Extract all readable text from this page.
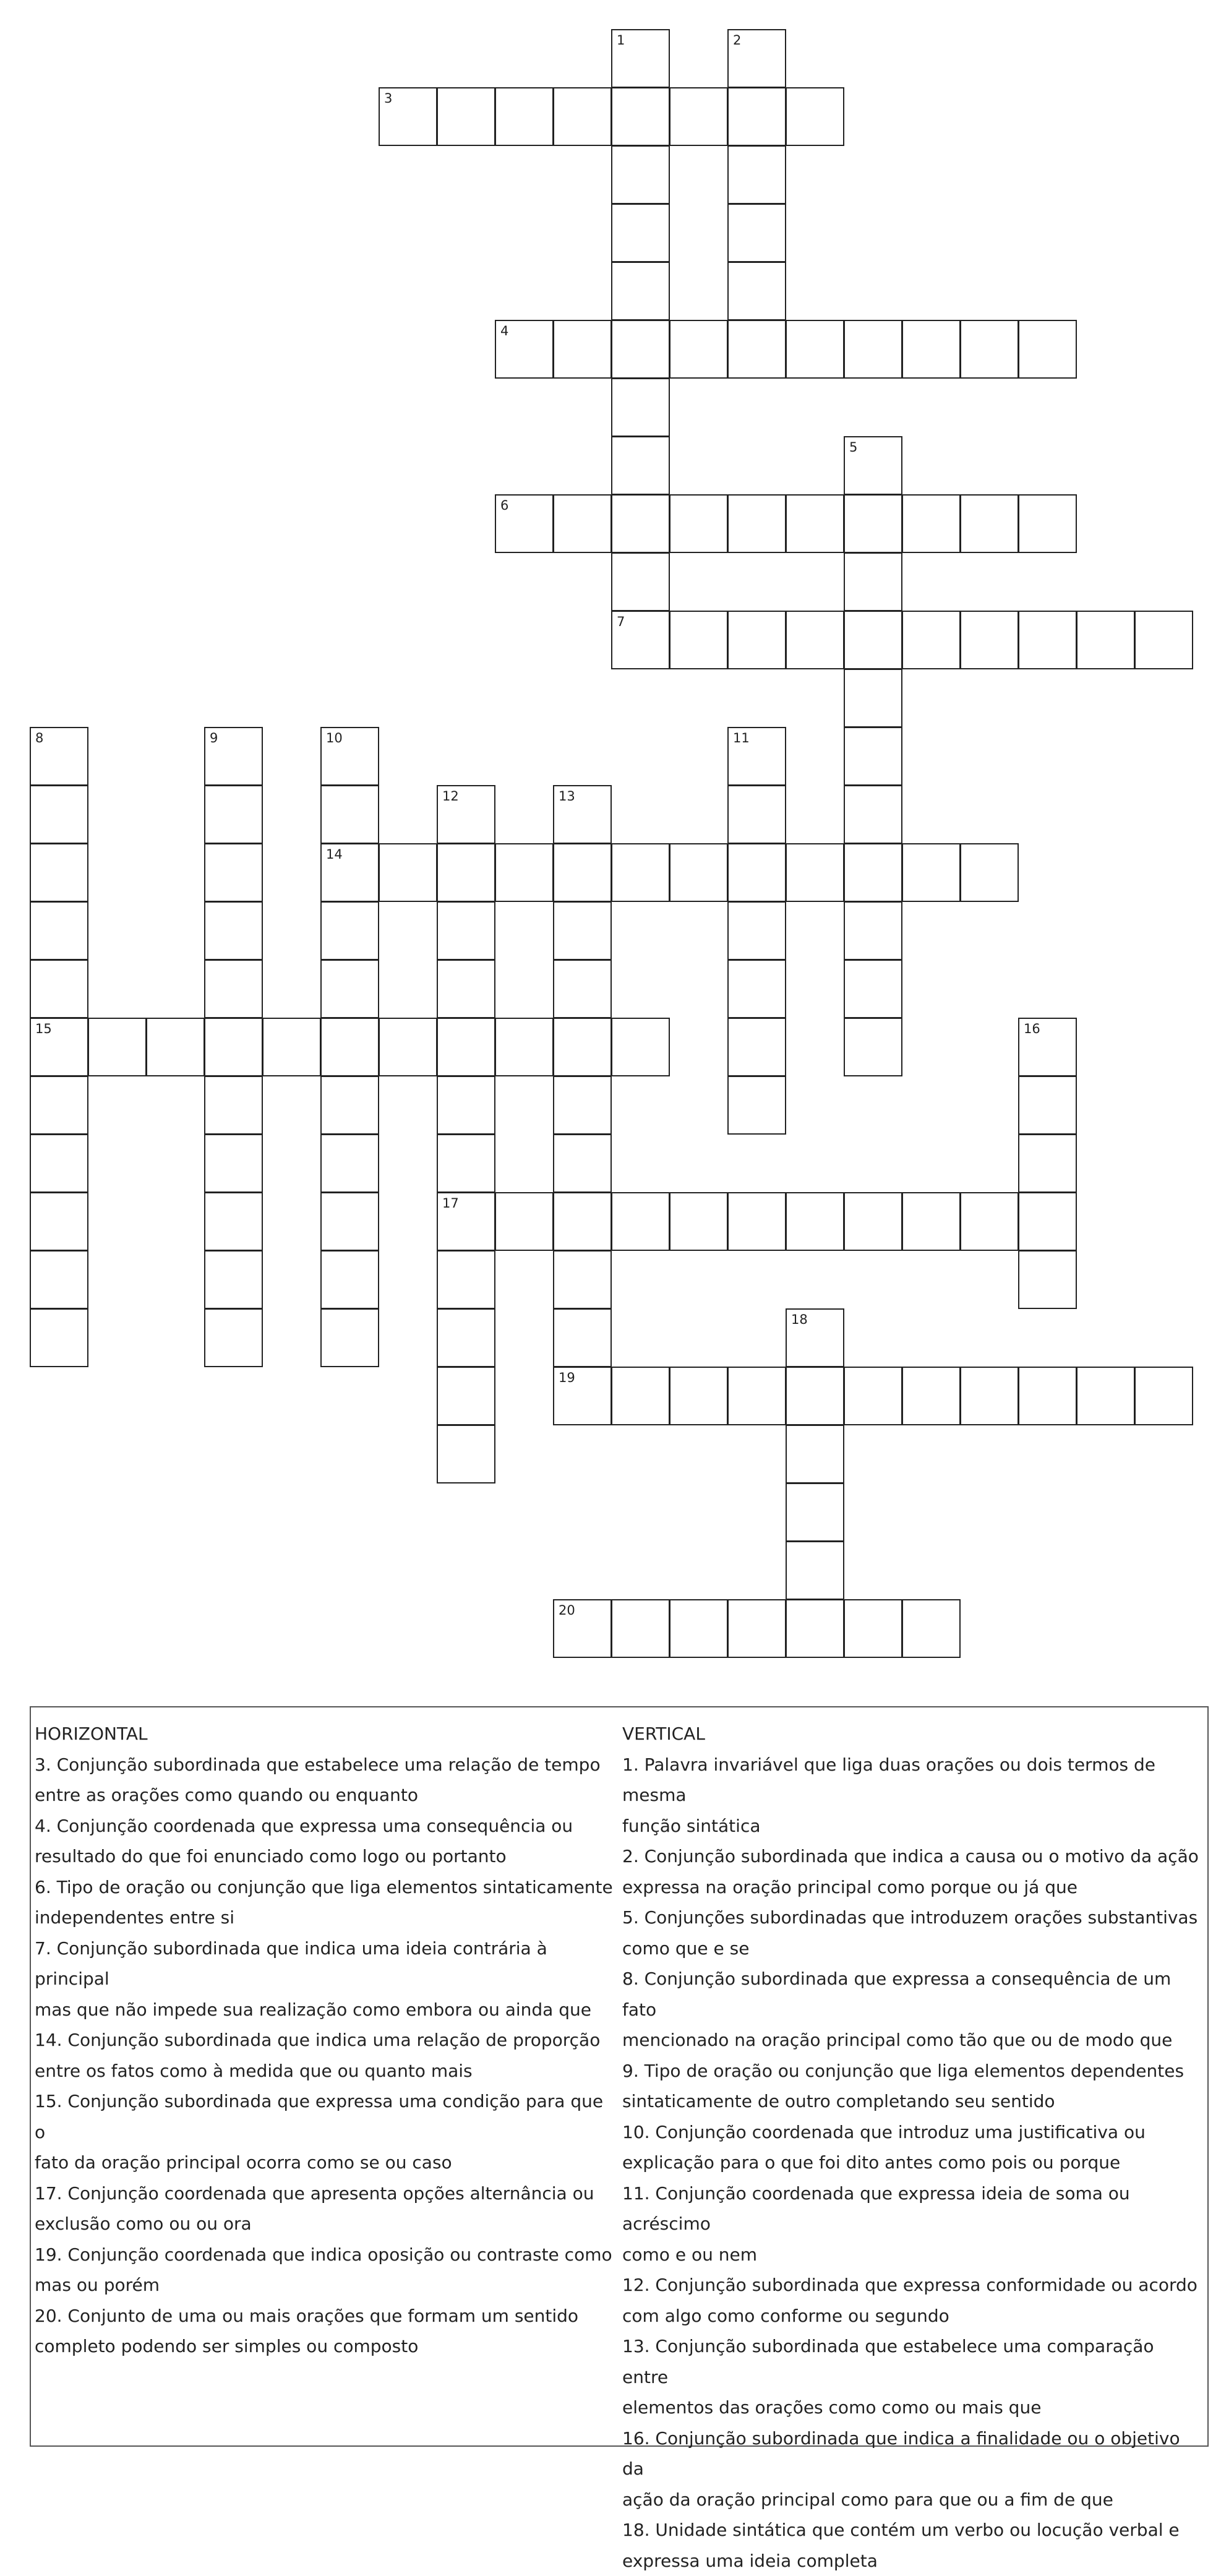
1
7
2
3
4
5
6
8
15
9	10
14
11
12
17
13
16
18
19
20

HORIZONTAL

3. Conjunção subordinada que estabelece uma relação de tempo

entre as orações como quando ou enquanto

4. Conjunção coordenada que expressa uma consequência ou

resultado do que foi enunciado como logo ou portanto

6. Tipo de oração ou conjunção que liga elementos sintaticamente

independentes entre si

7. Conjunção subordinada que indica uma ideia contrária à principal

mas que não impede sua realização como embora ou ainda que

14. Conjunção subordinada que indica uma relação de proporção

entre os fatos como à medida que ou quanto mais

15. Conjunção subordinada que expressa uma condição para que o

fato da oração principal ocorra como se ou caso

17. Conjunção coordenada que apresenta opções alternância ou

exclusão como ou ou ora

19. Conjunção coordenada que indica oposição ou contraste como

mas ou porém

20. Conjunto de uma ou mais orações que formam um sentido

completo podendo ser simples ou composto

VERTICAL

1. Palavra invariável que liga duas orações ou dois termos de mesma

função sintática

2. Conjunção subordinada que indica a causa ou o motivo da ação

expressa na oração principal como porque ou já que

5. Conjunções subordinadas que introduzem orações substantivas

como que e se

8. Conjunção subordinada que expressa a consequência de um fato

mencionado na oração principal como tão que ou de modo que

9. Tipo de oração ou conjunção que liga elementos dependentes

sintaticamente de outro completando seu sentido

10. Conjunção coordenada que introduz uma justificativa ou

explicação para o que foi dito antes como pois ou porque

11. Conjunção coordenada que expressa ideia de soma ou acréscimo

como e ou nem

12. Conjunção subordinada que expressa conformidade ou acordo

com algo como conforme ou segundo

13. Conjunção subordinada que estabelece uma comparação entre

elementos das orações como como ou mais que

16. Conjunção subordinada que indica a finalidade ou o objetivo da

ação da oração principal como para que ou a fim de que

18. Unidade sintática que contém um verbo ou locução verbal e

expressa uma ideia completa
